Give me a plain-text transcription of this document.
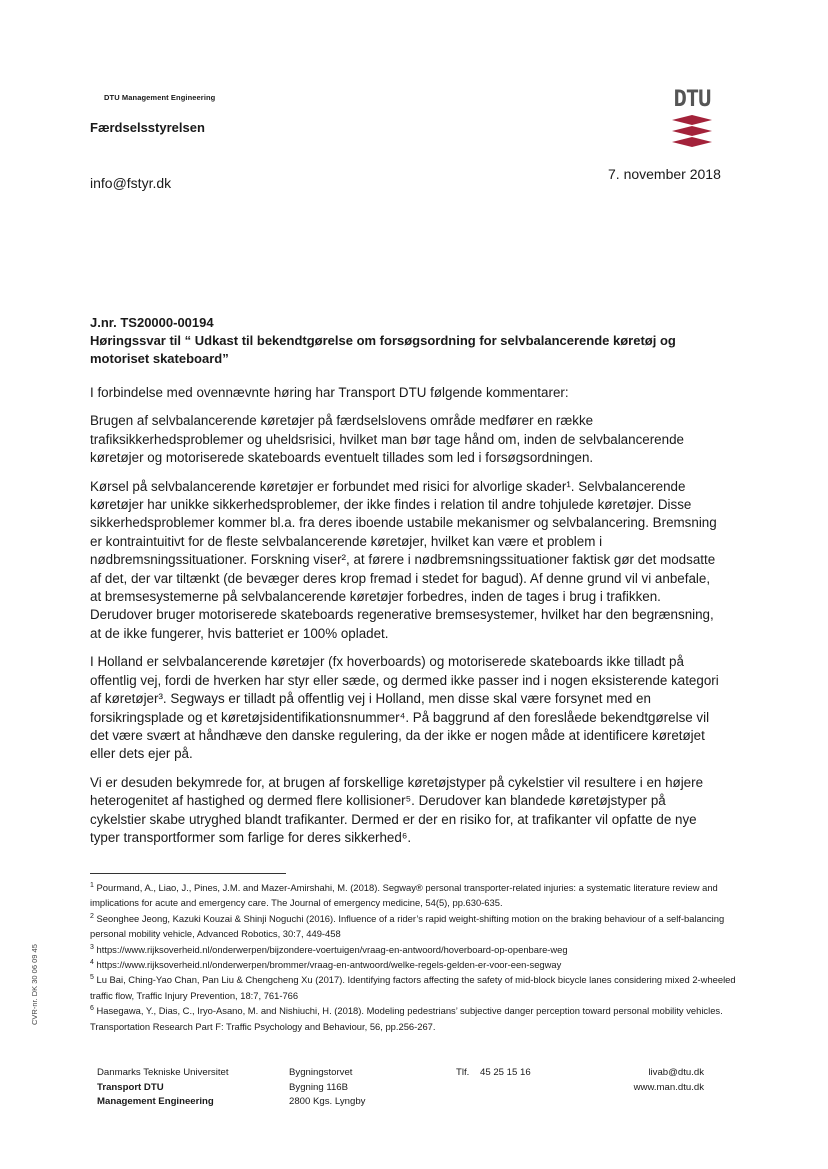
DTU Management Engineering
Færdselsstyrelsen
info@fstyr.dk
7. november 2018
DTU
J.nr. TS20000-00194
Høringssvar til “ Udkast til bekendtgørelse om forsøgsordning for selvbalancerende køretøj og motoriset skateboard”

I forbindelse med ovennævnte høring har Transport DTU følgende kommentarer:

Brugen af selvbalancerende køretøjer på færdselslovens område medfører en række trafiksikkerhedsproblemer og uheldsrisici, hvilket man bør tage hånd om, inden de selvbalancerende køretøjer og motoriserede skateboards eventuelt tillades som led i forsøgsordningen.

Kørsel på selvbalancerende køretøjer er forbundet med risici for alvorlige skader¹. Selvbalancerende køretøjer har unikke sikkerhedsproblemer, der ikke findes i relation til andre tohjulede køretøjer. Disse sikkerhedsproblemer kommer bl.a. fra deres iboende ustabile mekanismer og selvbalancering. Bremsning er kontraintuitivt for de fleste selvbalancerende køretøjer, hvilket kan være et problem i nødbremsningssituationer. Forskning viser², at førere i nødbremsningssituationer faktisk gør det modsatte af det, der var tiltænkt (de bevæger deres krop fremad i stedet for bagud). Af denne grund vil vi anbefale, at bremsesystemerne på selvbalancerende køretøjer forbedres, inden de tages i brug i trafikken. Derudover bruger motoriserede skateboards regenerative bremsesystemer, hvilket har den begrænsning, at de ikke fungerer, hvis batteriet er 100% opladet.

I Holland er selvbalancerende køretøjer (fx hoverboards) og motoriserede skateboards ikke tilladt på offentlig vej, fordi de hverken har styr eller sæde, og dermed ikke passer ind i nogen eksisterende kategori af køretøjer³. Segways er tilladt på offentlig vej i Holland, men disse skal være forsynet med en forsikringsplade og et køretøjsidentifikationsnummer⁴. På baggrund af den foreslåede bekendtgørelse vil det være svært at håndhæve den danske regulering, da der ikke er nogen måde at identificere køretøjet eller dets ejer på.

Vi er desuden bekymrede for, at brugen af forskellige køretøjstyper på cykelstier vil resultere i en højere heterogenitet af hastighed og dermed flere kollisioner⁵. Derudover kan blandede køretøjstyper på cykelstier skabe utryghed blandt trafikanter. Dermed er der en risiko for, at trafikanter vil opfatte de nye typer transportformer som farlige for deres sikkerhed⁶.

$^1$ Pourmand, A., Liao, J., Pines, J.M. and Mazer-Amirshahi, M. (2018). Segway® personal transporter-related injuries: a systematic literature review and implications for acute and emergency care. The Journal of emergency medicine, 54(5), pp.630-635.
$^2$ Seonghee Jeong, Kazuki Kouzai & Shinji Noguchi (2016). Influence of a rider’s rapid weight-shifting motion on the braking behaviour of a self-balancing personal mobility vehicle, Advanced Robotics, 30:7, 449-458
$^3$ https://www.rijksoverheid.nl/onderwerpen/bijzondere-voertuigen/vraag-en-antwoord/hoverboard-op-openbare-weg
$^4$ https://www.rijksoverheid.nl/onderwerpen/brommer/vraag-en-antwoord/welke-regels-gelden-er-voor-een-segway
$^5$ Lu Bai, Ching-Yao Chan, Pan Liu & Chengcheng Xu (2017). Identifying factors affecting the safety of mid-block bicycle lanes considering mixed 2-wheeled traffic flow, Traffic Injury Prevention, 18:7, 761-766
$^6$ Hasegawa, Y., Dias, C., Iryo-Asano, M. and Nishiuchi, H. (2018). Modeling pedestrians’ subjective danger perception toward personal mobility vehicles. Transportation Research Part F: Traffic Psychology and Behaviour, 56, pp.256-267.
CVR-nr. DK 30 06 09 45
Danmarks Tekniske Universitet
Transport DTU
Management Engineering
Bygningstorvet
Bygning 116B
2800 Kgs. Lyngby
Tlf. 45 25 15 16	livab@dtu.dk
www.man.dtu.dk
